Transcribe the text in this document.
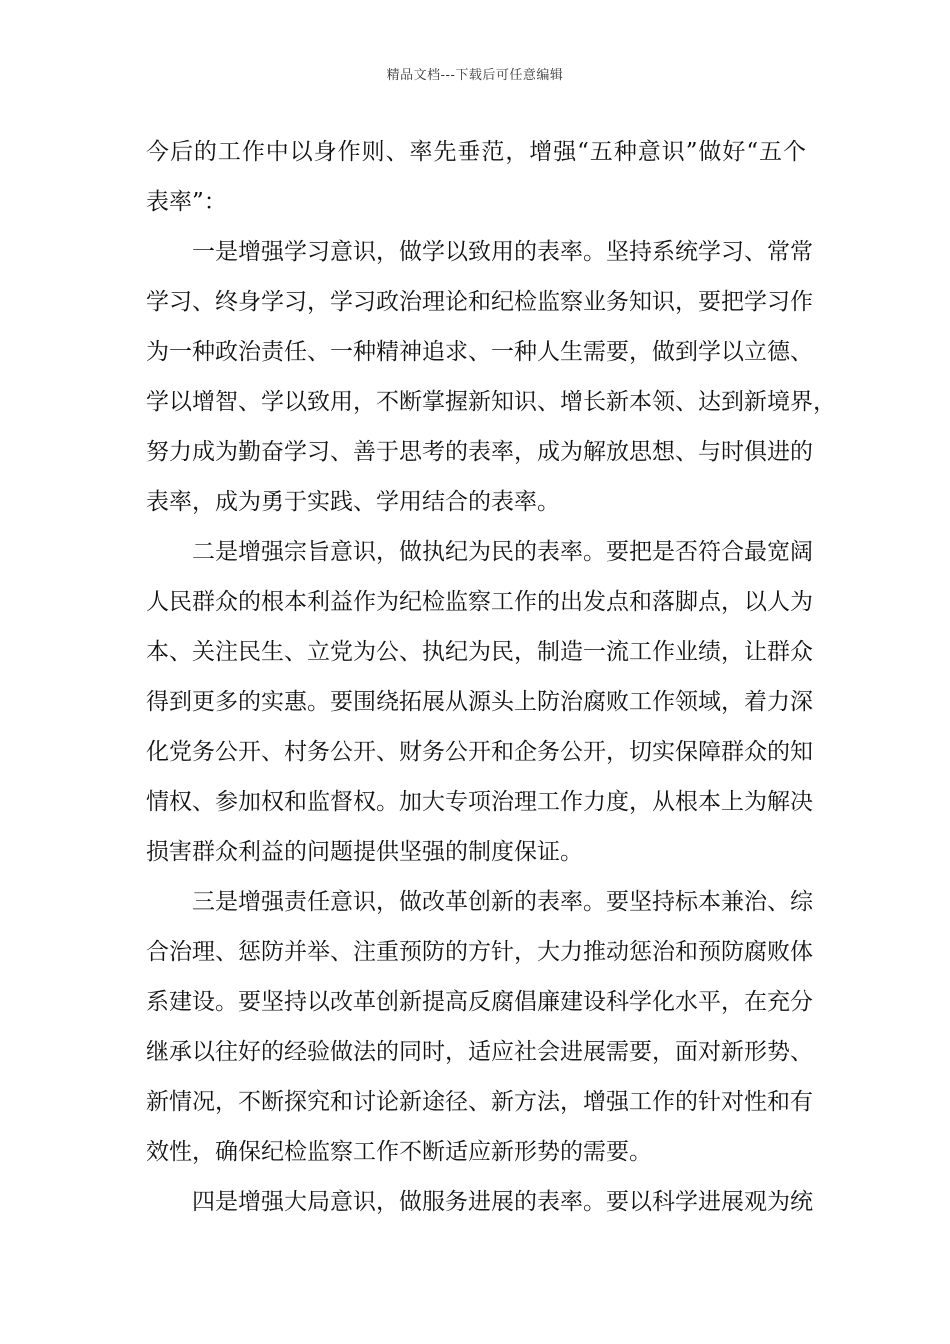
精品文档---下载后可任意编辑
今后的工作中以身作则、率先垂范，增强“五种意识”做好“五个
表率”：
一是增强学习意识，做学以致用的表率。坚持系统学习、常常
学习、终身学习，学习政治理论和纪检监察业务知识，要把学习作
为一种政治责任、一种精神追求、一种人生需要，做到学以立德、
学以增智、学以致用，不断掌握新知识、增长新本领、达到新境界，
努力成为勤奋学习、善于思考的表率，成为解放思想、与时俱进的
表率，成为勇于实践、学用结合的表率。
二是增强宗旨意识，做执纪为民的表率。要把是否符合最宽阔
人民群众的根本利益作为纪检监察工作的出发点和落脚点，以人为
本、关注民生、立党为公、执纪为民，制造一流工作业绩，让群众
得到更多的实惠。要围绕拓展从源头上防治腐败工作领域，着力深
化党务公开、村务公开、财务公开和企务公开，切实保障群众的知
情权、参加权和监督权。加大专项治理工作力度，从根本上为解决
损害群众利益的问题提供坚强的制度保证。
三是增强责任意识，做改革创新的表率。要坚持标本兼治、综
合治理、惩防并举、注重预防的方针，大力推动惩治和预防腐败体
系建设。要坚持以改革创新提高反腐倡廉建设科学化水平，在充分
继承以往好的经验做法的同时，适应社会进展需要，面对新形势、
新情况，不断探究和讨论新途径、新方法，增强工作的针对性和有
效性，确保纪检监察工作不断适应新形势的需要。
四是增强大局意识，做服务进展的表率。要以科学进展观为统
